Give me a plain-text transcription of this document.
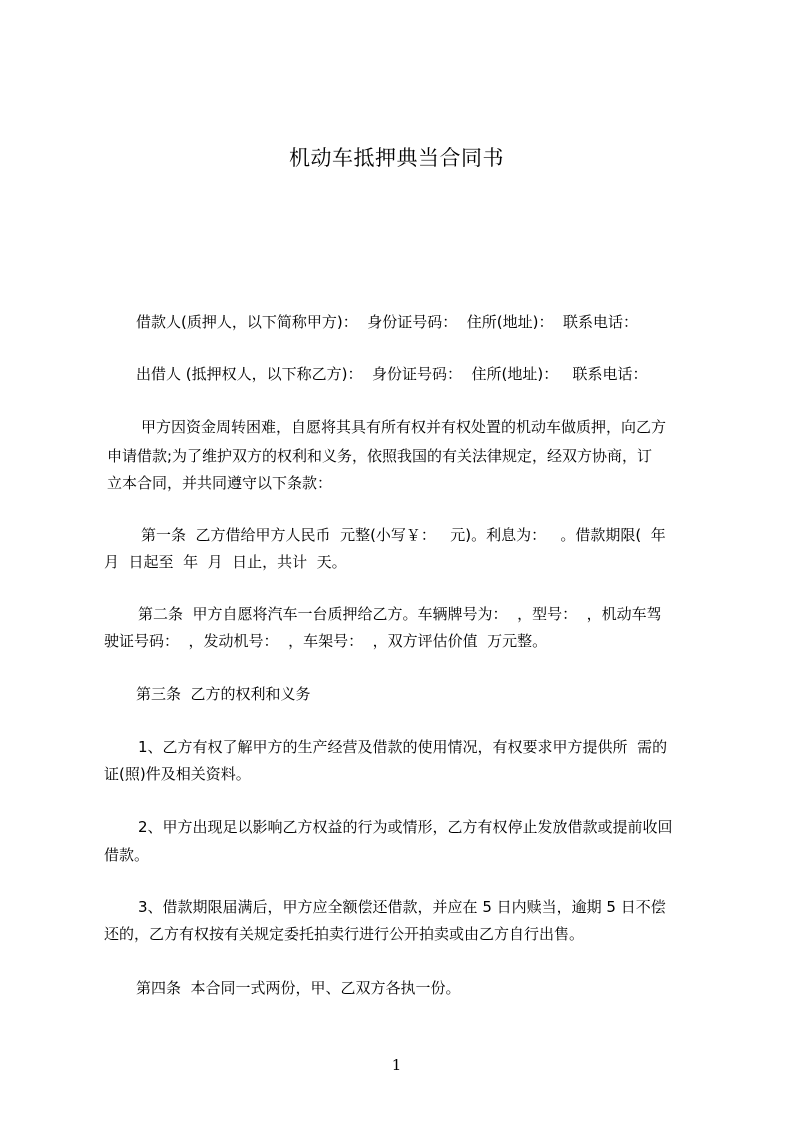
机动车抵押典当合同书

借款人(质押人，以下简称甲方)：  身份证号码：  住所(地址)：  联系电话：

出借人 (抵押权人，以下称乙方)：  身份证号码：  住所(地址)：   联系电话：

甲方因资金周转困难，自愿将其具有所有权并有权处置的机动车做质押，向乙方

申请借款;为了维护双方的权利和义务，依照我国的有关法律规定，经双方协商，订

立本合同，并共同遵守以下条款：

第一条  乙方借给甲方人民币  元整(小写￥：   元)。利息为：   。借款期限(  年

月  日起至  年  月  日止，共计  天。

第二条  甲方自愿将汽车一台质押给乙方。车辆牌号为：  ，型号：  ，机动车驾

驶证号码：  ，发动机号：  ，车架号：  ，双方评估价值  万元整。

第三条  乙方的权利和义务

1、乙方有权了解甲方的生产经营及借款的使用情况，有权要求甲方提供所  需的

证(照)件及相关资料。

2、甲方出现足以影响乙方权益的行为或情形，乙方有权停止发放借款或提前收回

借款。

3、借款期限届满后，甲方应全额偿还借款，并应在 5 日内赎当，逾期 5 日不偿

还的，乙方有权按有关规定委托拍卖行进行公开拍卖或由乙方自行出售。

第四条  本合同一式两份，甲、乙双方各执一份。

1
